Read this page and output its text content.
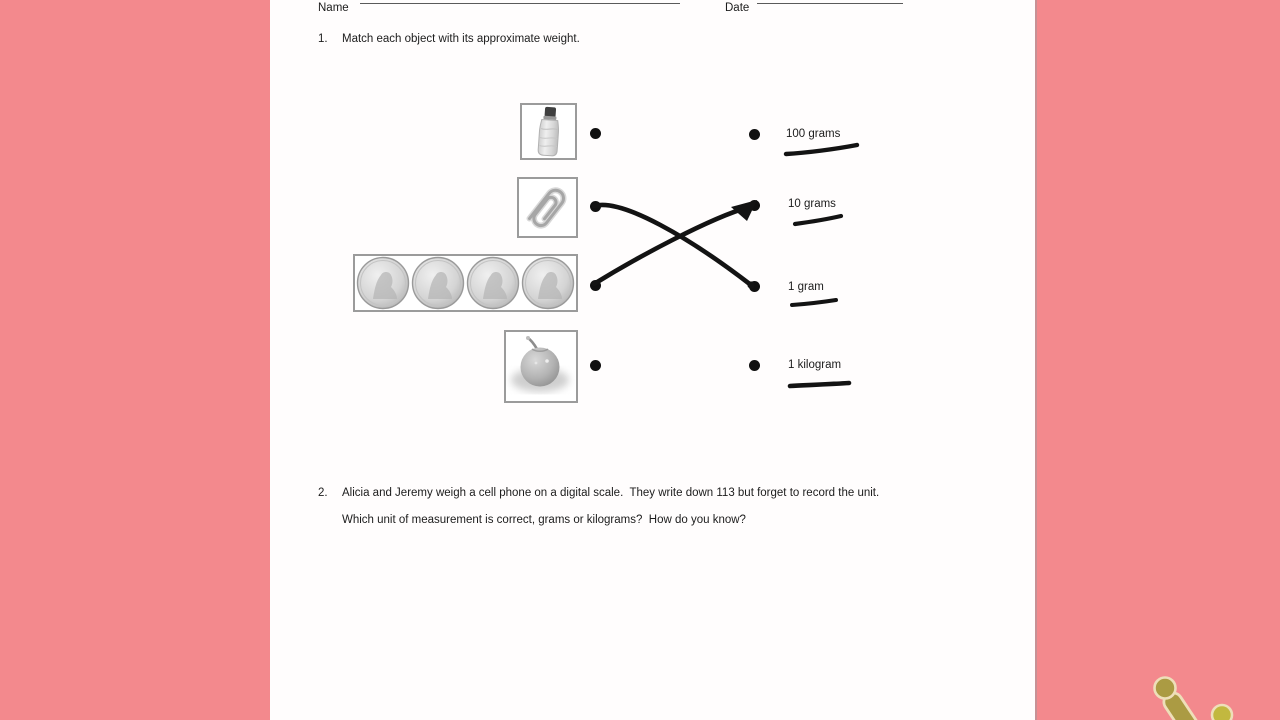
Name	Date
1. Match each object with its approximate weight.
100 grams
10 grams
1 gram
1 kilogram
2. Alicia and Jeremy weigh a cell phone on a digital scale.  They write down 113 but forget to record the unit.
Which unit of measurement is correct, grams or kilograms?  How do you know?
